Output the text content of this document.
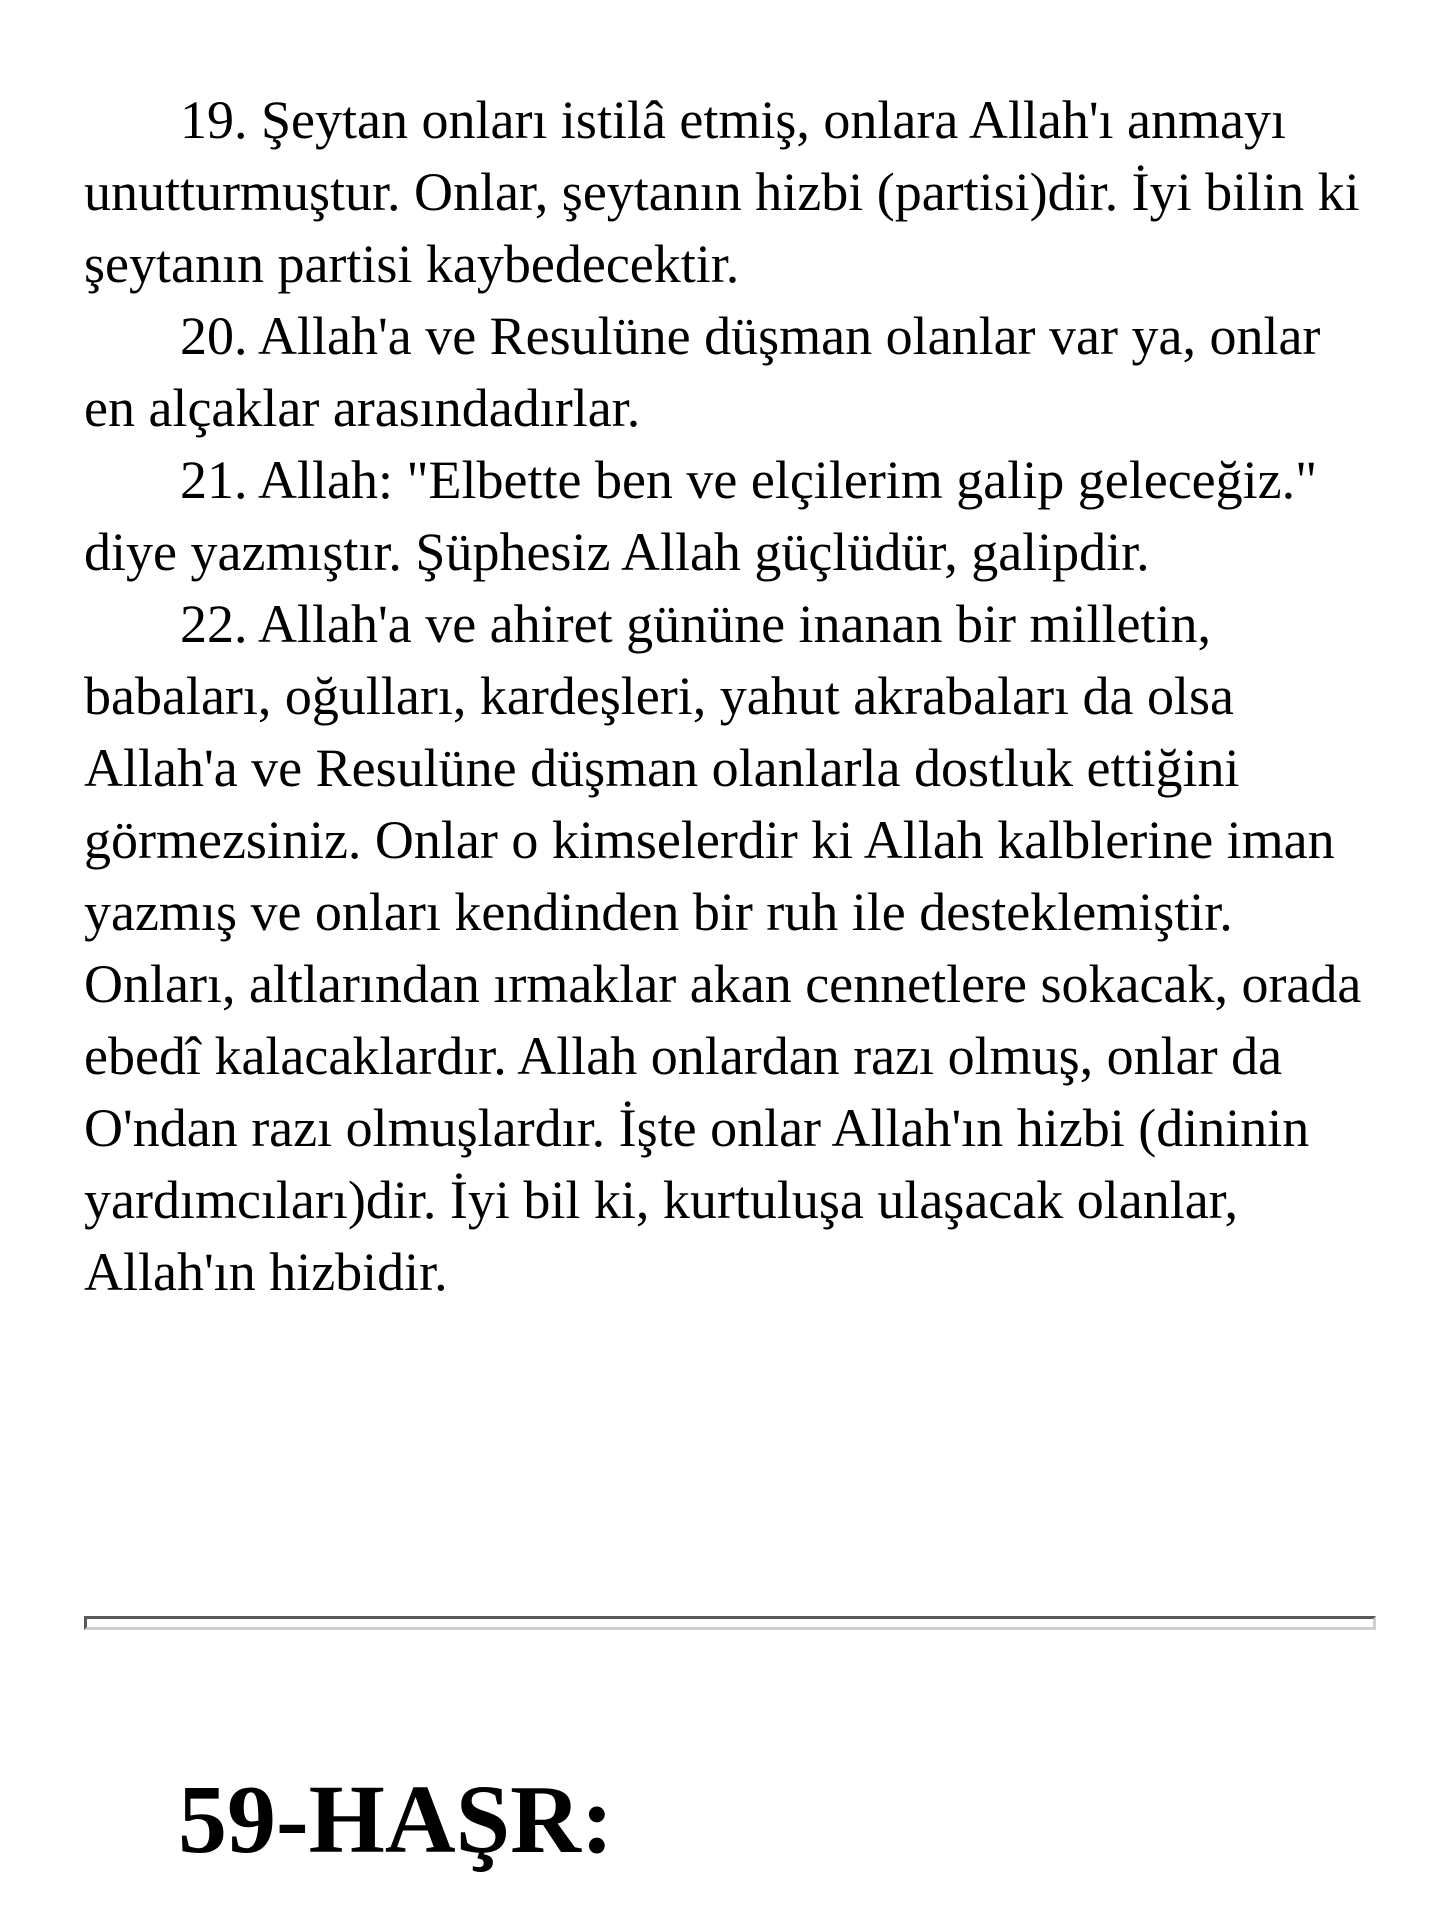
19. Şeytan onları istilâ etmiş, onlara Allah'ı anmayı unutturmuştur. Onlar, şeytanın hizbi (partisi)dir. İyi bilin ki şeytanın partisi kaybedecektir.

20. Allah'a ve Resulüne düşman olanlar var ya, onlar en alçaklar arasındadırlar.

21. Allah: "Elbette ben ve elçilerim galip geleceğiz." diye yazmıştır. Şüphesiz Allah güçlüdür, galipdir.

22. Allah'a ve ahiret gününe inanan bir milletin, babaları, oğulları, kardeşleri, yahut akrabaları da olsa Allah'a ve Resulüne düşman olanlarla dostluk ettiğini görmezsiniz. Onlar o kimselerdir ki Allah kalblerine iman yazmış ve onları kendinden bir ruh ile desteklemiştir. Onları, altlarından ırmaklar akan cennetlere sokacak, orada ebedî kalacaklardır. Allah onlardan razı olmuş, onlar da O'ndan razı olmuşlardır. İşte onlar Allah'ın hizbi (dininin yardımcıları)dir. İyi bil ki, kurtuluşa ulaşacak olanlar, Allah'ın hizbidir.

59-HAŞR:
